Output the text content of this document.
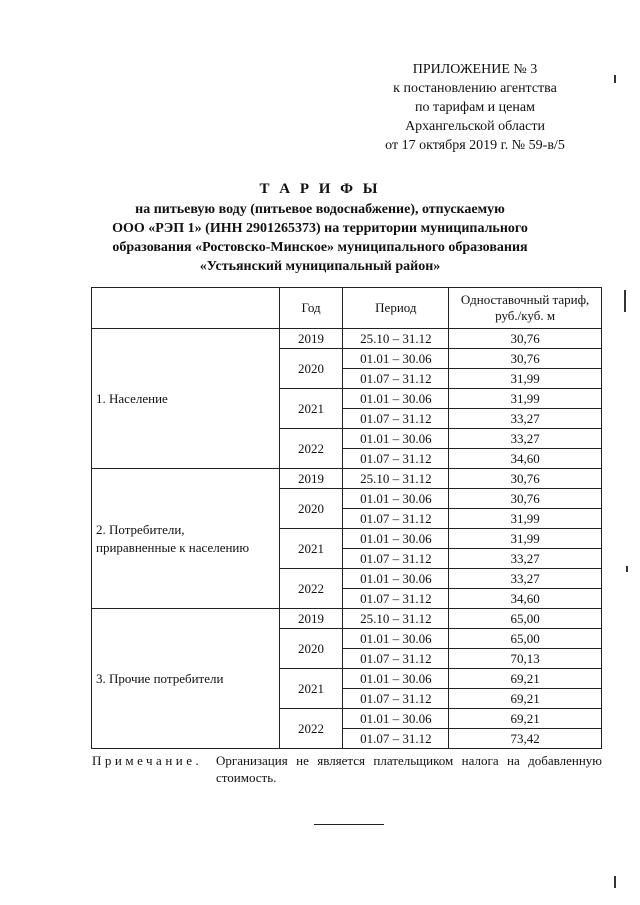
ПРИЛОЖЕНИЕ № 3
к постановлению агентства
по тарифам и ценам
Архангельской области
от 17 октября 2019 г. № 59-в/5
Т А Р И Ф Ы
на питьевую воду (питьевое водоснабжение), отпускаемую
ООО «РЭП 1» (ИНН 2901265373) на территории муниципального
образования «Ростовско-Минское» муниципального образования
«Устьянский муниципальный район»
	Год	Период	Одноставочный тариф,
руб./куб. м
1. Население	2019	25.10 – 31.12	30,76
	2020	01.01 – 30.06	30,76
		01.07 – 31.12	31,99
	2021	01.01 – 30.06	31,99
		01.07 – 31.12	33,27
	2022	01.01 – 30.06	33,27
		01.07 – 31.12	34,60
2. Потребители,
приравненные к населению	2019	25.10 – 31.12	30,76
	2020	01.01 – 30.06	30,76
		01.07 – 31.12	31,99
	2021	01.01 – 30.06	31,99
		01.07 – 31.12	33,27
	2022	01.01 – 30.06	33,27
		01.07 – 31.12	34,60
3. Прочие потребители	2019	25.10 – 31.12	65,00
	2020	01.01 – 30.06	65,00
		01.07 – 31.12	70,13
	2021	01.01 – 30.06	69,21
		01.07 – 31.12	69,21
	2022	01.01 – 30.06	69,21
		01.07 – 31.12	73,42
Примечание. Организация не является плательщиком налога на добавленную стоимость.
